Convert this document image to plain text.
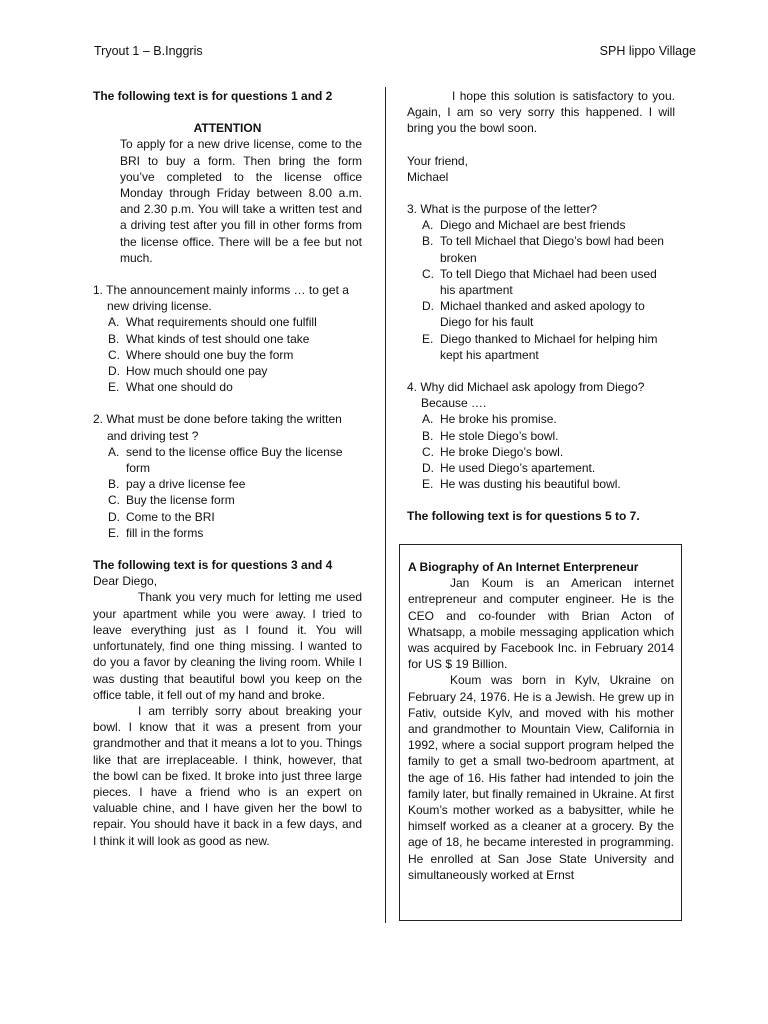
Tryout 1 – B.Inggris	SPH lippo Village

The following text is for questions 1 and 2

ATTENTION

To apply for a new drive license, come to the BRI to buy a form. Then bring the form you’ve completed to the license office Monday through Friday between 8.00 a.m. and 2.30 p.m. You will take a written test and a driving test after you fill in other forms from the license office. There will be a fee but not much.

1. The announcement mainly informs … to get a new driving license.

A. What requirements should one fulfill
B. What kinds of test should one take
C. Where should one buy the form
D. How much should one pay
E. What one should do

2. What must be done before taking the written and driving test ?

A. send to the license office Buy the license form
B. pay a drive license fee
C. Buy the license form
D. Come to the BRI
E. fill in the forms

The following text is for questions 3 and 4

Dear Diego,

Thank you very much for letting me used your apartment while you were away. I tried to leave everything just as I found it. You will unfortunately, find one thing missing. I wanted to do you a favor by cleaning the living room. While I was dusting that beautiful bowl you keep on the office table, it fell out of my hand and broke.

I am terribly sorry about breaking your bowl. I know that it was a present from your grandmother and that it means a lot to you. Things like that are irreplaceable. I think, however, that the bowl can be fixed. It broke into just three large pieces. I have a friend who is an expert on valuable chine, and I have given her the bowl to repair. You should have it back in a few days, and I think it will look as good as new.

I hope this solution is satisfactory to you. Again, I am so very sorry this happened. I will bring you the bowl soon.

Your friend,

Michael

3. What is the purpose of the letter?

A. Diego and Michael are best friends
B. To tell Michael that Diego’s bowl had been broken
C. To tell Diego that Michael had been used his apartment
D. Michael thanked and asked apology to Diego for his fault
E. Diego thanked to Michael for helping him kept his apartment

4. Why did Michael ask apology from Diego? Because ….

A. He broke his promise.
B. He stole Diego’s bowl.
C. He broke Diego’s bowl.
D. He used Diego’s apartement.
E. He was dusting his beautiful bowl.

The following text is for questions 5 to 7.

A Biography of An Internet Enterpreneur

Jan Koum is an American internet entrepreneur and computer engineer. He is the CEO and co-founder with Brian Acton of Whatsapp, a mobile messaging application which was acquired by Facebook Inc. in February 2014 for US $ 19 Billion.

Koum was born in Kylv, Ukraine on February 24, 1976. He is a Jewish. He grew up in Fativ, outside Kylv, and moved with his mother and grandmother to Mountain View, California in 1992, where a social support program helped the family to get a small two-bedroom apartment, at the age of 16. His father had intended to join the family later, but finally remained in Ukraine. At first Koum’s mother worked as a babysitter, while he himself worked as a cleaner at a grocery. By the age of 18, he became interested in programming. He enrolled at San Jose State University and simultaneously worked at Ernst
